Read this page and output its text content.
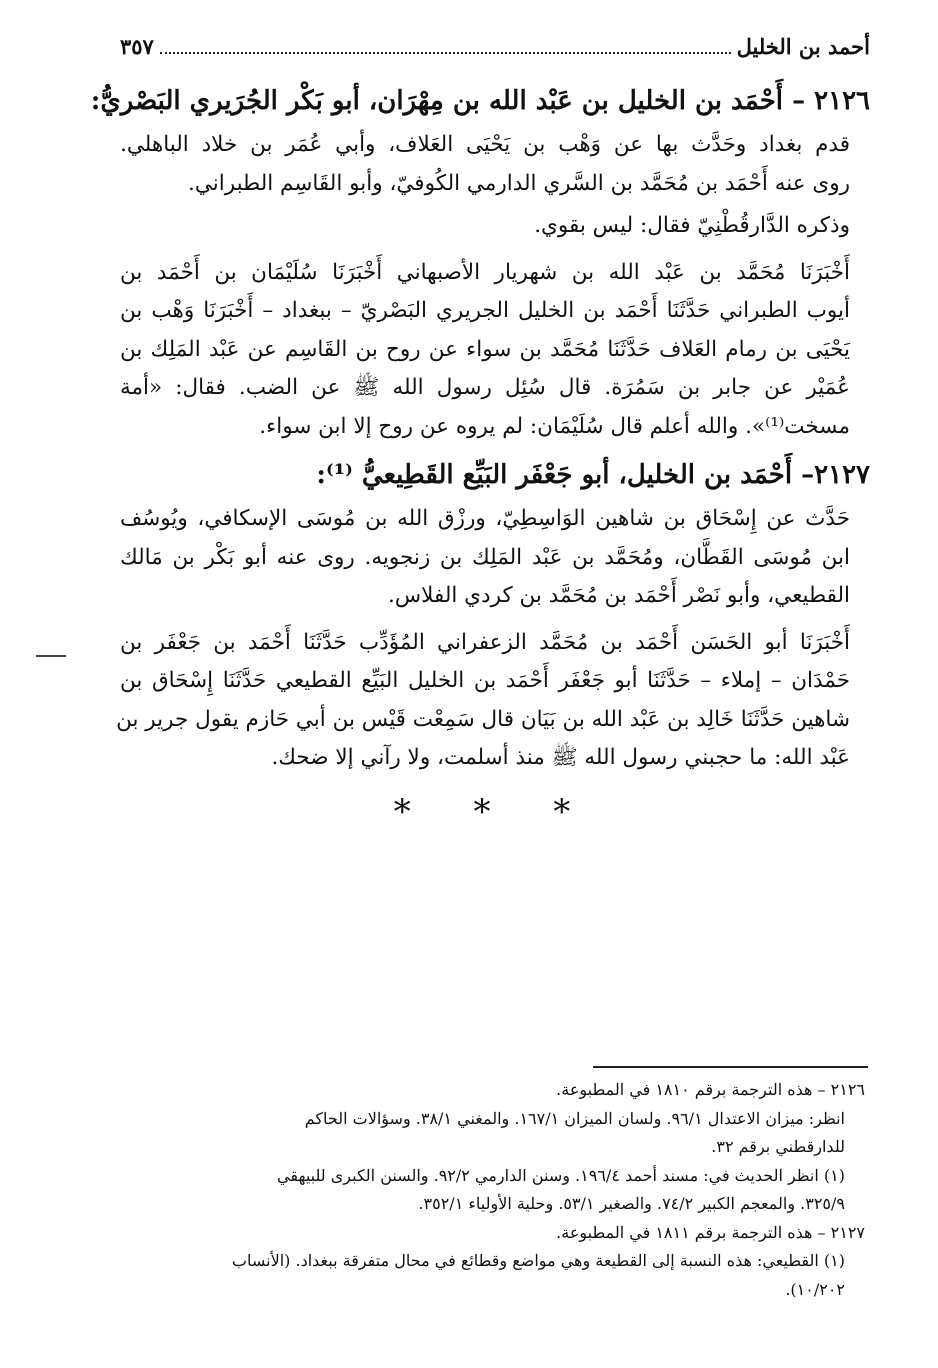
أحمد بن الخليل
٣٥٧
٢١٢٦ – أَحْمَد بن الخليل بن عَبْد الله بن مِهْرَان، أبو بَكْر الجُرَيري البَصْريُّ:

قدم بغداد وحَدَّث بها عن وَهْب بن يَحْيَى العَلاف، وأبي عُمَر بن خلاد الباهلي.
روى عنه أَحْمَد بن مُحَمَّد بن السَّري الدارمي الكُوفيّ، وأبو القَاسِم الطبراني.

وذكره الدَّارقُطْنِيّ فقال: ليس بقوي.

أَخْبَرَنَا مُحَمَّد بن عَبْد الله بن شهريار الأصبهاني أَخْبَرَنَا سُلَيْمَان بن أَحْمَد بن
أيوب الطبراني حَدَّثَنَا أَحْمَد بن الخليل الجريري البَصْريّ – ببغداد – أَخْبَرَنَا وَهْب بن
يَحْيَى بن رمام العَلاف حَدَّثَنَا مُحَمَّد بن سواء عن روح بن القَاسِم عن عَبْد المَلِك بن
عُمَيْر عن جابر بن سَمُرَة. قال سُئِل رسول الله ﷺ عن الضب. فقال: «أمة
مسخت⁽¹⁾». والله أعلم قال سُلَيْمَان: لم يروه عن روح إلا ابن سواء.

٢١٢٧– أَحْمَد بن الخليل، أبو جَعْفَر البَيِّع القَطِيعيُّ ⁽¹⁾:

حَدَّث عن إِسْحَاق بن شاهين الوَاسِطِيّ، ورزْق الله بن مُوسَى الإسكافي، ويُوسُف
ابن مُوسَى القَطَّان، ومُحَمَّد بن عَبْد المَلِك بن زنجويه. روى عنه أبو بَكْر بن مَالك
القطيعي، وأبو نَصْر أَحْمَد بن مُحَمَّد بن كردي الفلاس.

أَخْبَرَنَا أبو الحَسَن أَحْمَد بن مُحَمَّد الزعفراني المُؤَدِّب حَدَّثَنَا أَحْمَد بن جَعْفَر بن
حَمْدَان – إملاء – حَدَّثَنَا أبو جَعْفَر أَحْمَد بن الخليل البَيِّع القطيعي حَدَّثَنَا إِسْحَاق بن
شاهين حَدَّثَنَا خَالِد بن عَبْد الله بن بَيَان قال سَمِعْت قَيْس بن أبي حَازم يقول جرير بن
عَبْد الله: ما حجبني رسول الله ﷺ منذ أسلمت، ولا رآني إلا ضحك.

* * *
٢١٢٦ – هذه الترجمة برقم ١٨١٠ في المطبوعة.
انظر: ميزان الاعتدال ٩٦/١. ولسان الميزان ١٦٧/١. والمغني ٣٨/١. وسؤالات الحاكم
للدارقطني برقم ٣٢.
(١) انظر الحديث في: مسند أحمد ١٩٦/٤. وسنن الدارمي ٩٢/٢. والسنن الكبرى للبيهقي
٣٢٥/٩. والمعجم الكبير ٧٤/٢. والصغير ٥٣/١. وحلية الأولياء ٣٥٢/١.
٢١٢٧ – هذه الترجمة برقم ١٨١١ في المطبوعة.
(١) القطيعي: هذه النسبة إلى القطيعة وهي مواضع وقطائع في محال متفرقة ببغداد. (الأنساب
١٠/٢٠٢).
